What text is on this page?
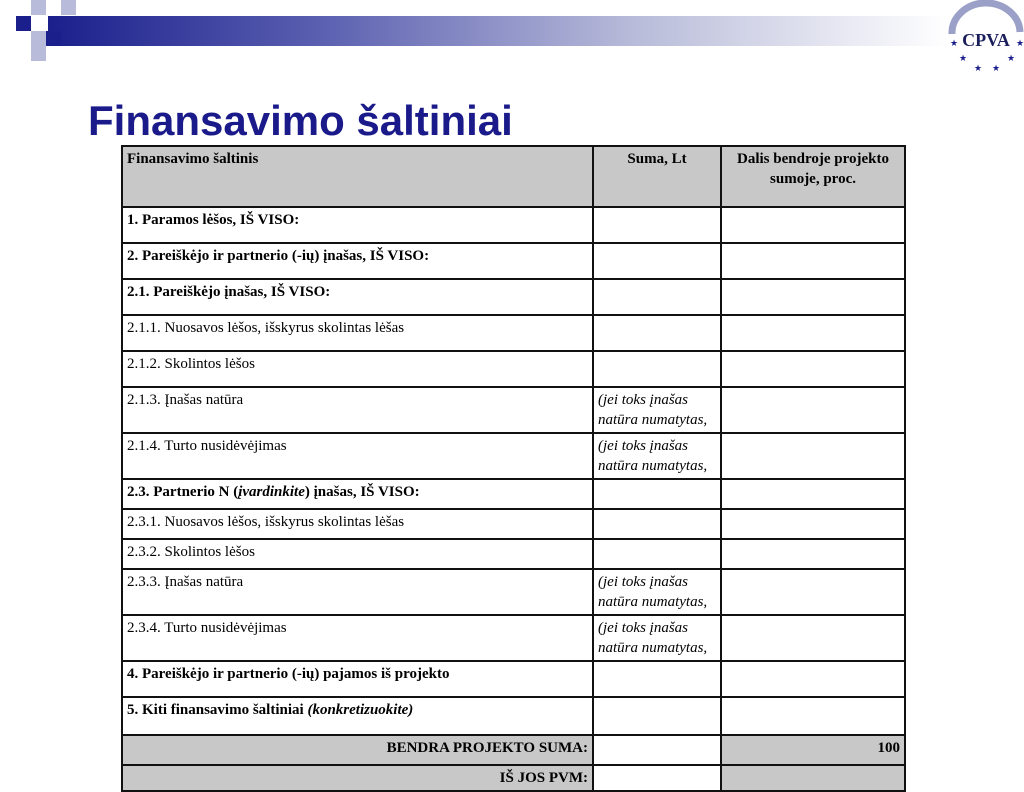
CPVA
★
★
★ ★
★
★
Finansavimo šaltiniai
Finansavimo šaltinis	Suma, Lt	Dalis bendroje projekto sumoje, proc.
1. Paramos lėšos, IŠ VISO:		
2. Pareiškėjo ir partnerio (-ių) įnašas, IŠ VISO:		
2.1. Pareiškėjo įnašas, IŠ VISO:		
2.1.1. Nuosavos lėšos, išskyrus skolintas lėšas		
2.1.2. Skolintos lėšos		
2.1.3. Įnašas natūra	(jei toks įnašas natūra numatytas,	
2.1.4. Turto nusidėvėjimas	(jei toks įnašas natūra numatytas,	
2.3. Partnerio N (įvardinkite) įnašas, IŠ VISO:		
2.3.1. Nuosavos lėšos, išskyrus skolintas lėšas		
2.3.2. Skolintos lėšos		
2.3.3. Įnašas natūra	(jei toks įnašas natūra numatytas,	
2.3.4. Turto nusidėvėjimas	(jei toks įnašas natūra numatytas,	
4. Pareiškėjo ir partnerio (-ių) pajamos iš projekto		
5. Kiti finansavimo šaltiniai (konkretizuokite)		
BENDRA PROJEKTO SUMA:		100
IŠ JOS PVM:		
